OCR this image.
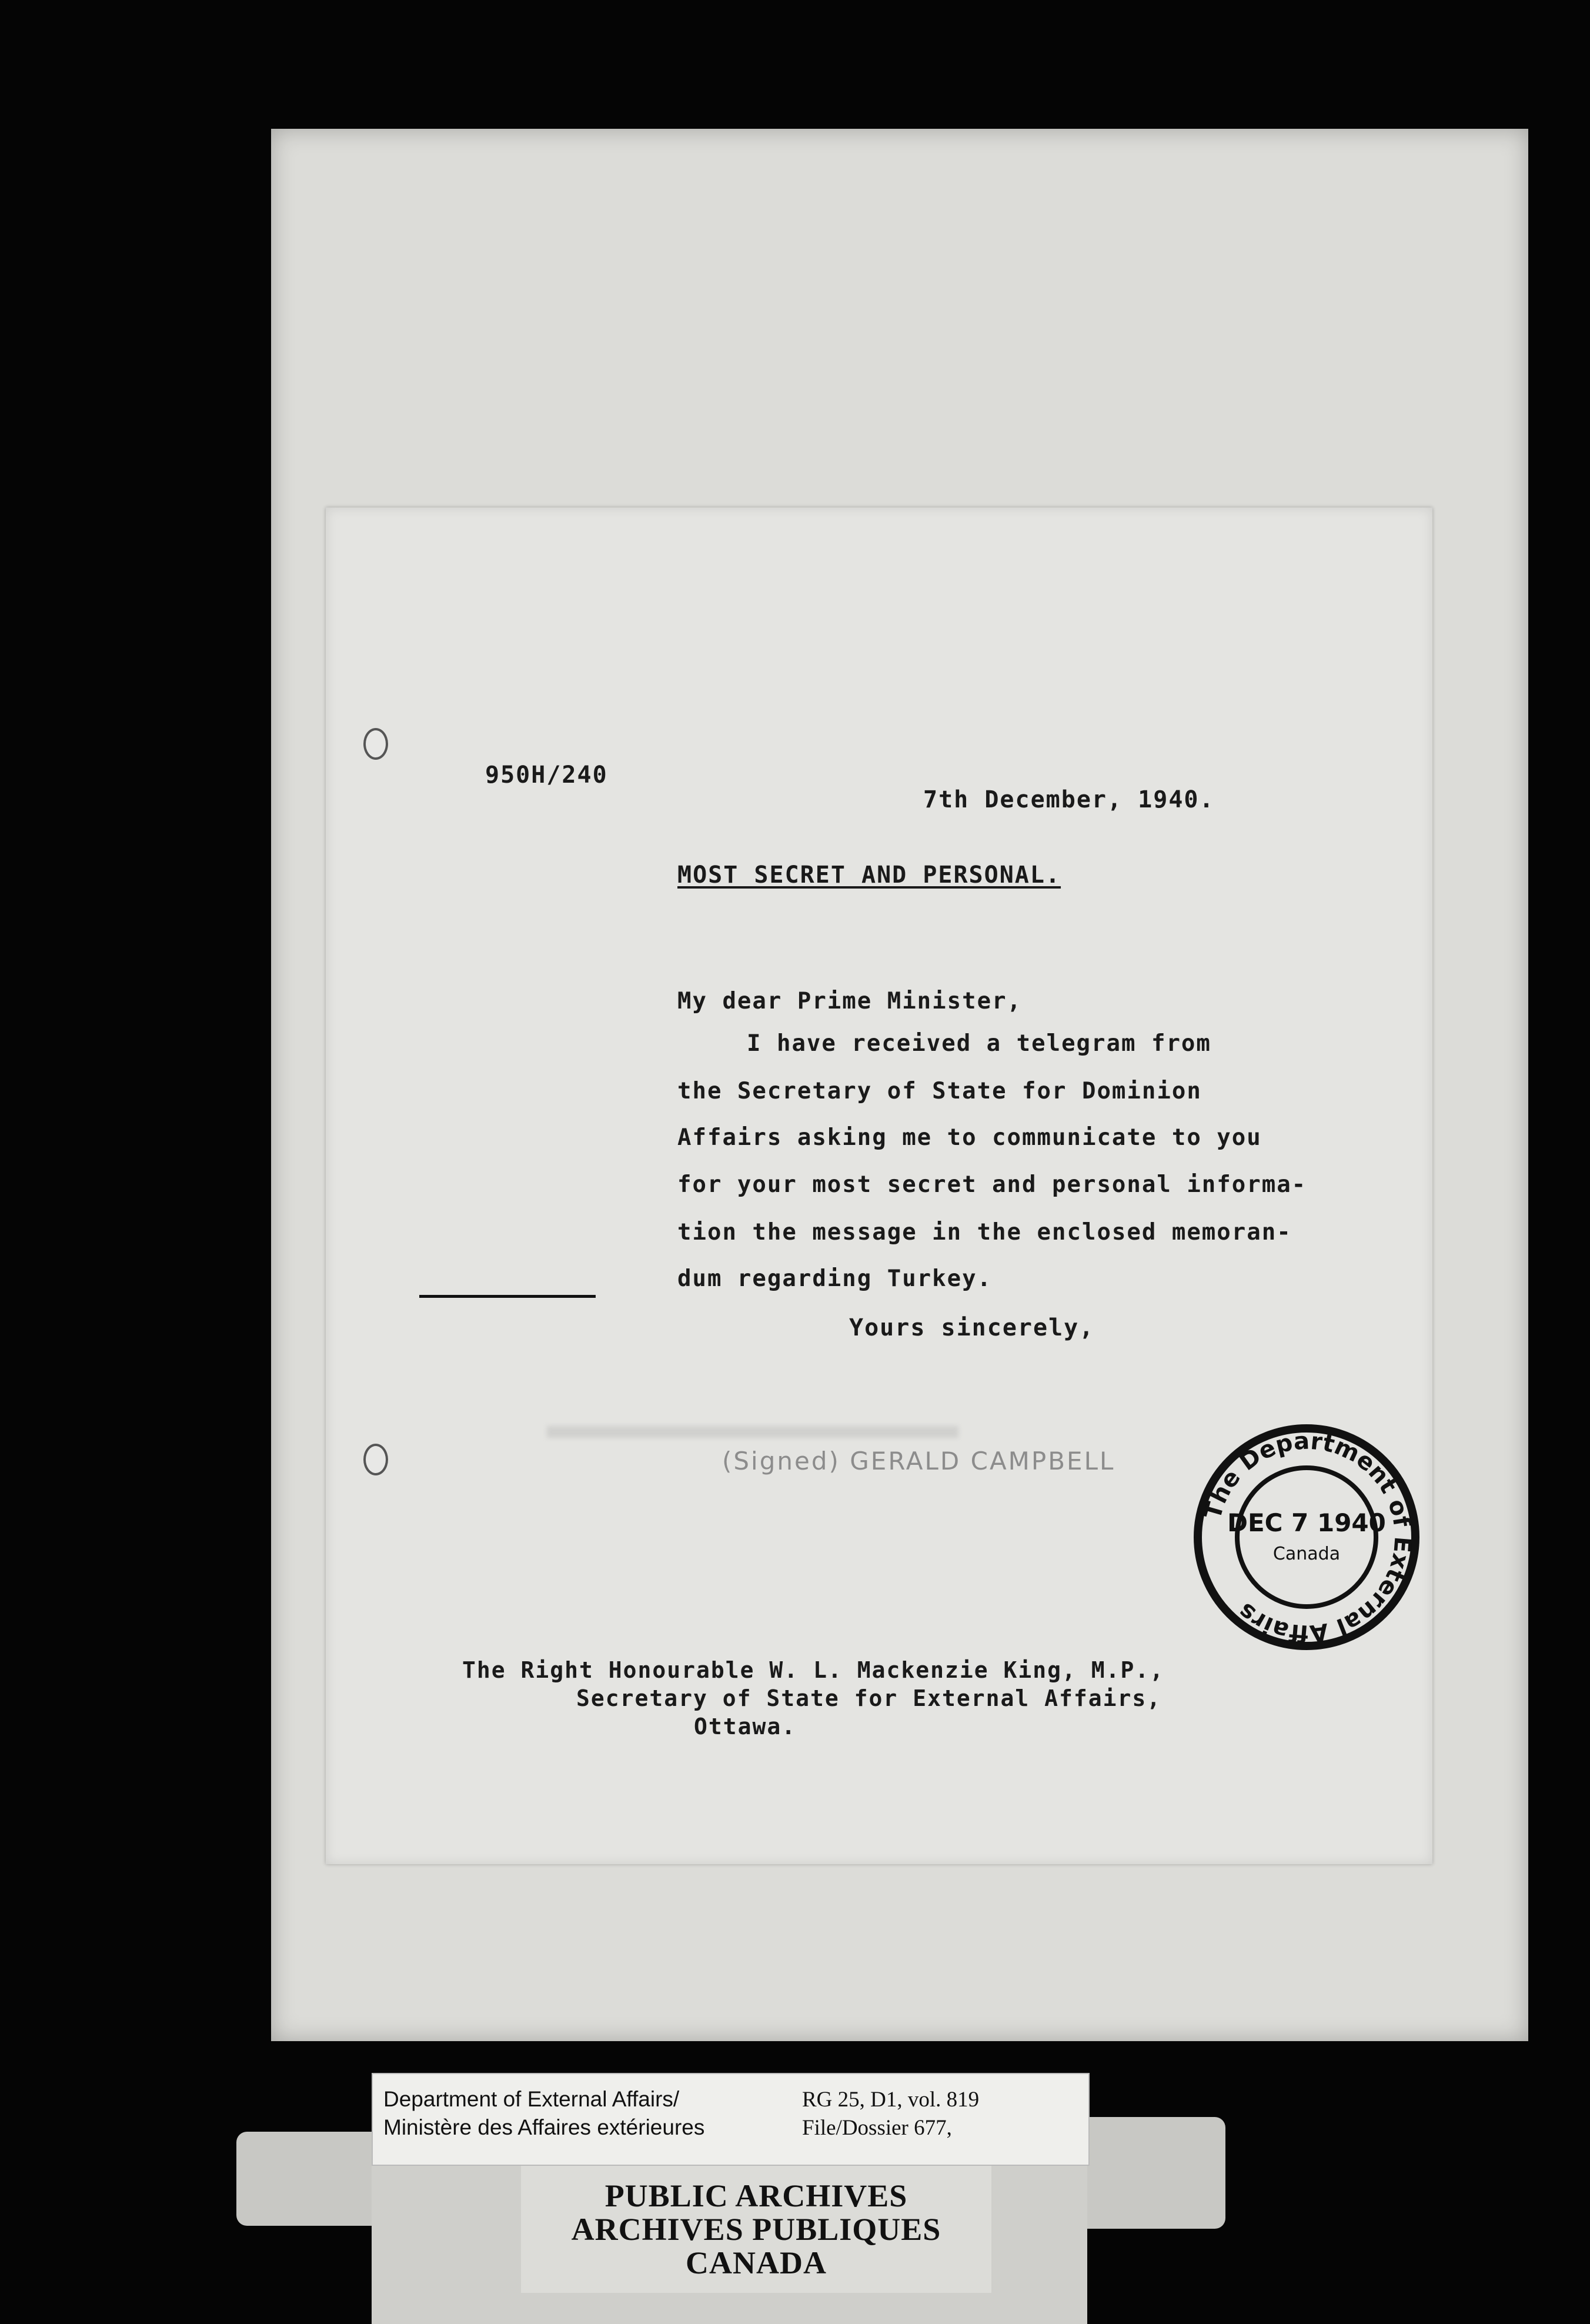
950H/240
7th December, 1940.
MOST SECRET AND PERSONAL.
My dear Prime Minister,
I have received a telegram from
the Secretary of State for Dominion
Affairs asking me to communicate to you
for your most secret and personal informa-
tion the message in the enclosed memoran-
dum regarding Turkey.
Yours sincerely,
(Signed) GERALD CAMPBELL
The Department of External Affairs
DEC 7 1940
Canada
The Right Honourable W. L. Mackenzie King, M.P.,
Secretary of State for External Affairs,
Ottawa.
Department of External Affairs/
Ministère des Affaires extérieures
RG 25, D1, vol. 819
File/Dossier 677,
PUBLIC ARCHIVES
ARCHIVES PUBLIQUES
CANADA
